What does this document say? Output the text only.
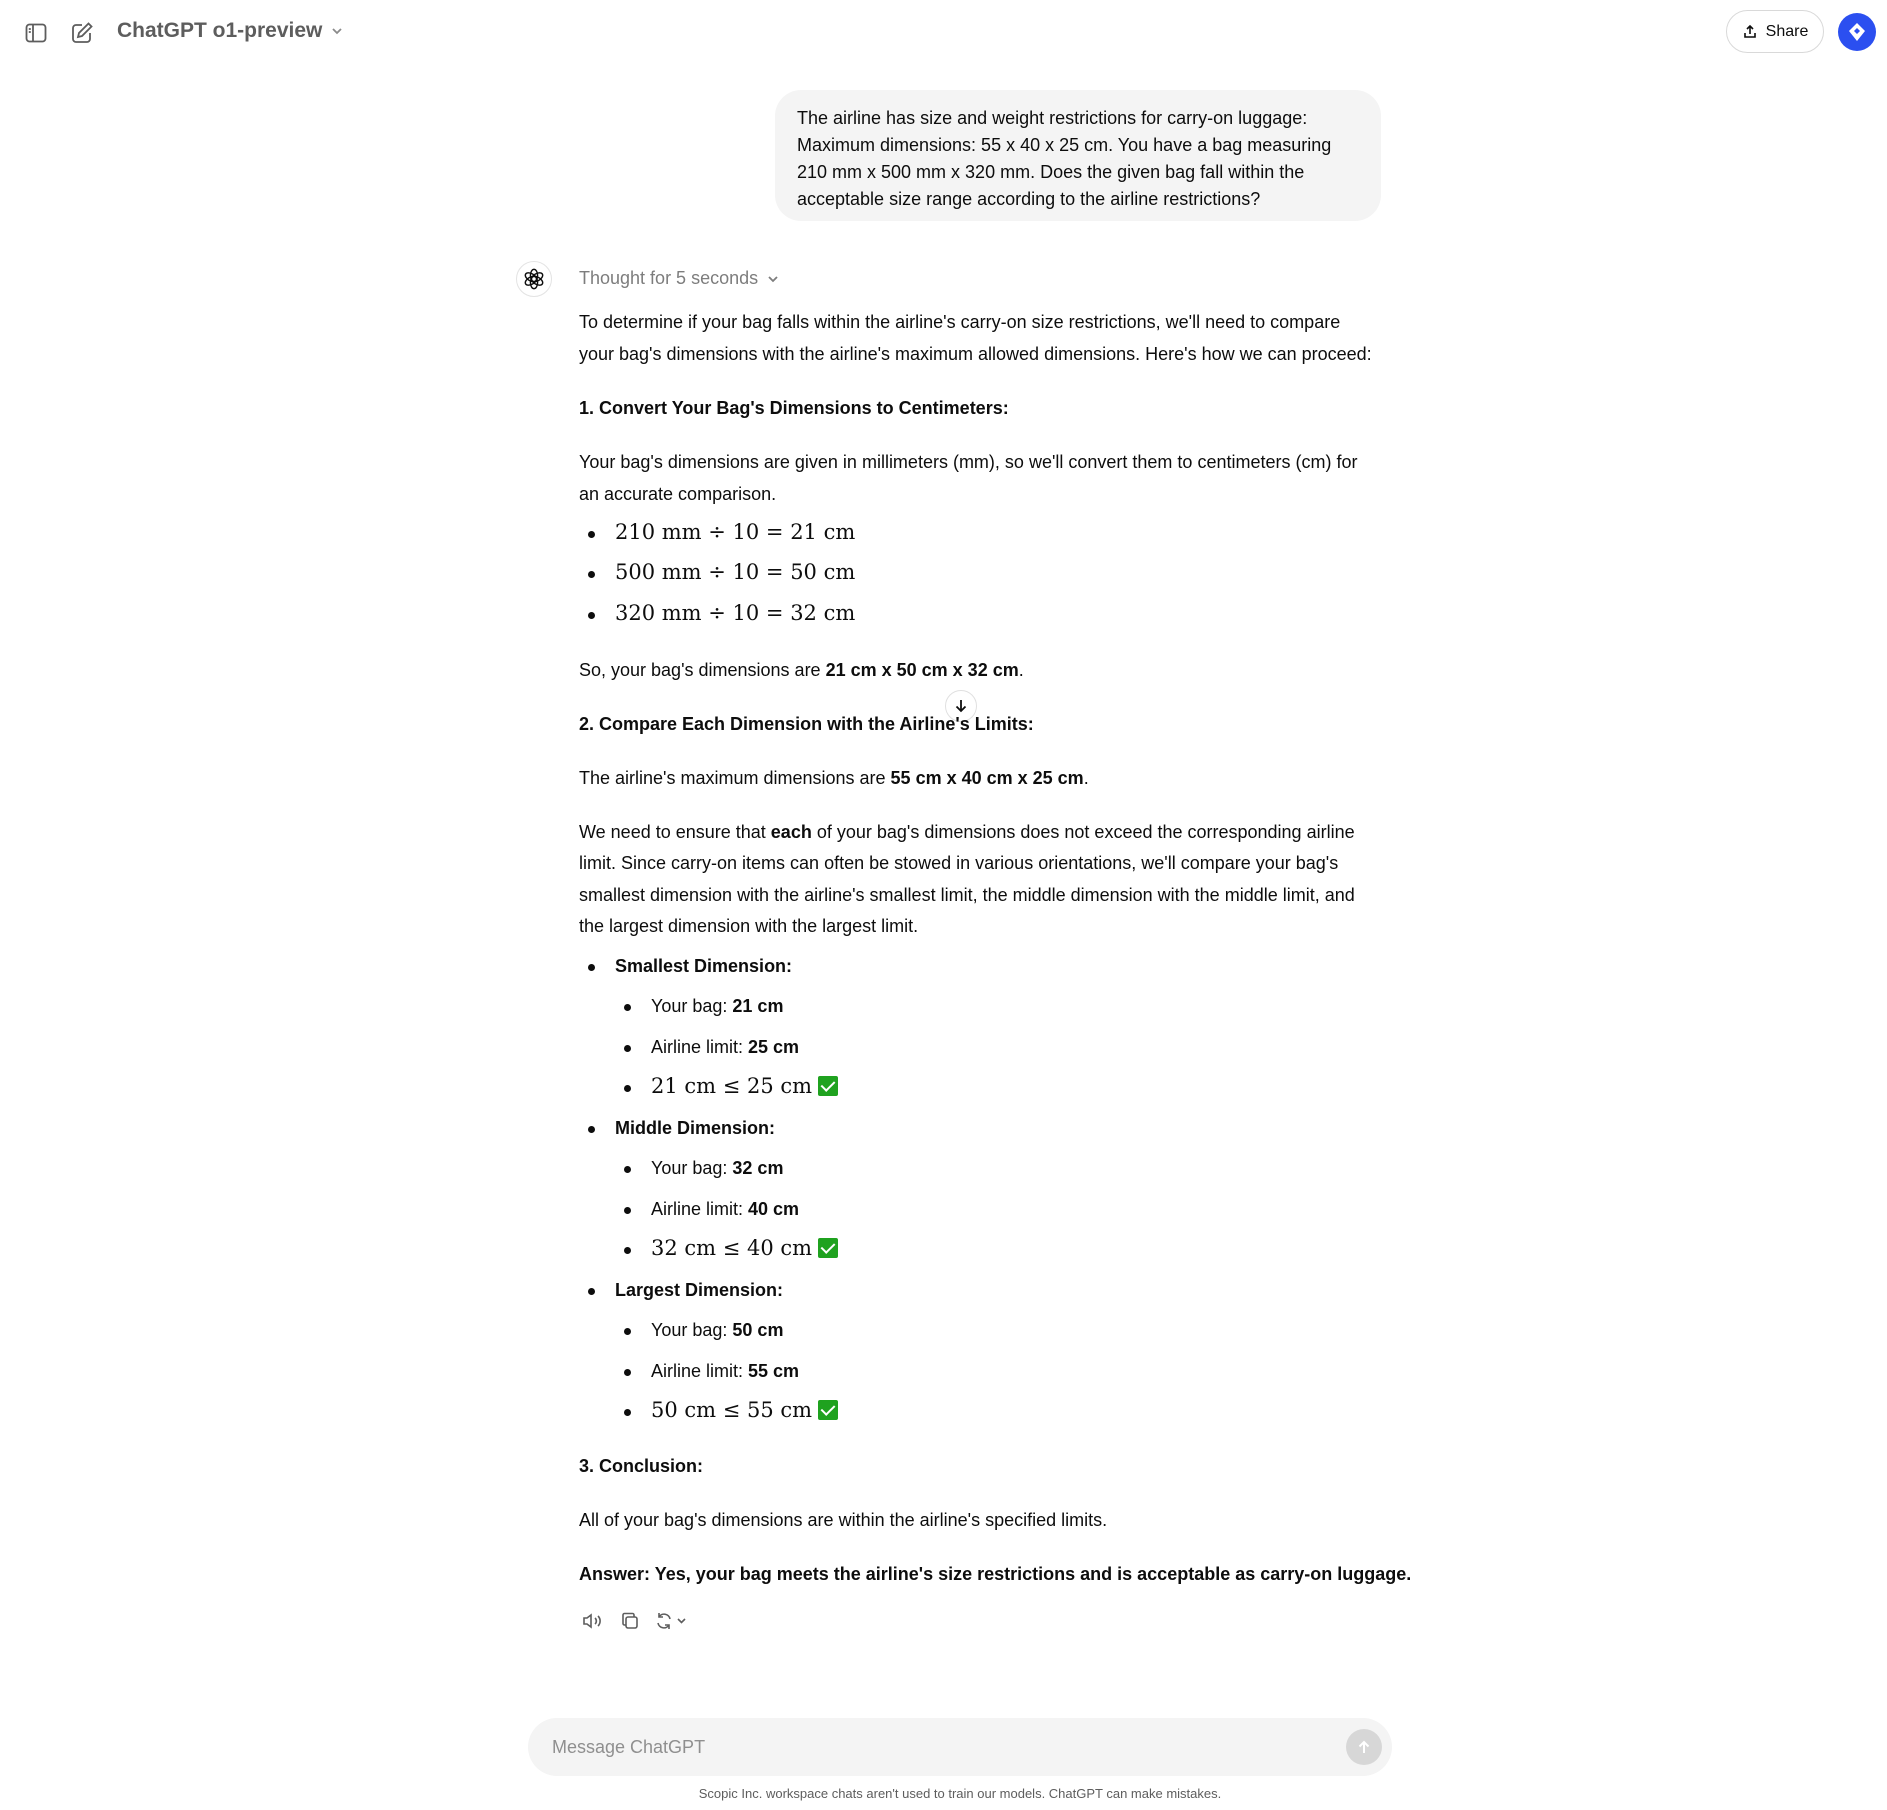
ChatGPT o1-preview	Share
The airline has size and weight restrictions for carry-on luggage: Maximum dimensions: 55 x 40 x 25 cm. You have a bag measuring 210 mm x 500 mm x 320 mm. Does the given bag fall within the acceptable size range according to the airline restrictions?
Thought for 5 seconds
To determine if your bag falls within the airline's carry-on size restrictions, we'll need to compare
your bag's dimensions with the airline's maximum allowed dimensions. Here's how we can proceed:
1. Convert Your Bag's Dimensions to Centimeters:
Your bag's dimensions are given in millimeters (mm), so we'll convert them to centimeters (cm) for
an accurate comparison.
210 mm ÷ 10 = 21 cm
500 mm ÷ 10 = 50 cm
320 mm ÷ 10 = 32 cm
So, your bag's dimensions are 21 cm x 50 cm x 32 cm.
2. Compare Each Dimension with the Airline's Limits:
The airline's maximum dimensions are 55 cm x 40 cm x 25 cm.
We need to ensure that each of your bag's dimensions does not exceed the corresponding airline
limit. Since carry-on items can often be stowed in various orientations, we'll compare your bag's
smallest dimension with the airline's smallest limit, the middle dimension with the middle limit, and
the largest dimension with the largest limit.
Smallest Dimension:
Your bag: 21 cm
Airline limit: 25 cm
21 cm ≤ 25 cm
Middle Dimension:
Your bag: 32 cm
Airline limit: 40 cm
32 cm ≤ 40 cm
Largest Dimension:
Your bag: 50 cm
Airline limit: 55 cm
50 cm ≤ 55 cm
3. Conclusion:
All of your bag's dimensions are within the airline's specified limits.
Answer: Yes, your bag meets the airline's size restrictions and is acceptable as carry-on luggage.
Message ChatGPT
Scopic Inc. workspace chats aren't used to train our models. ChatGPT can make mistakes.
